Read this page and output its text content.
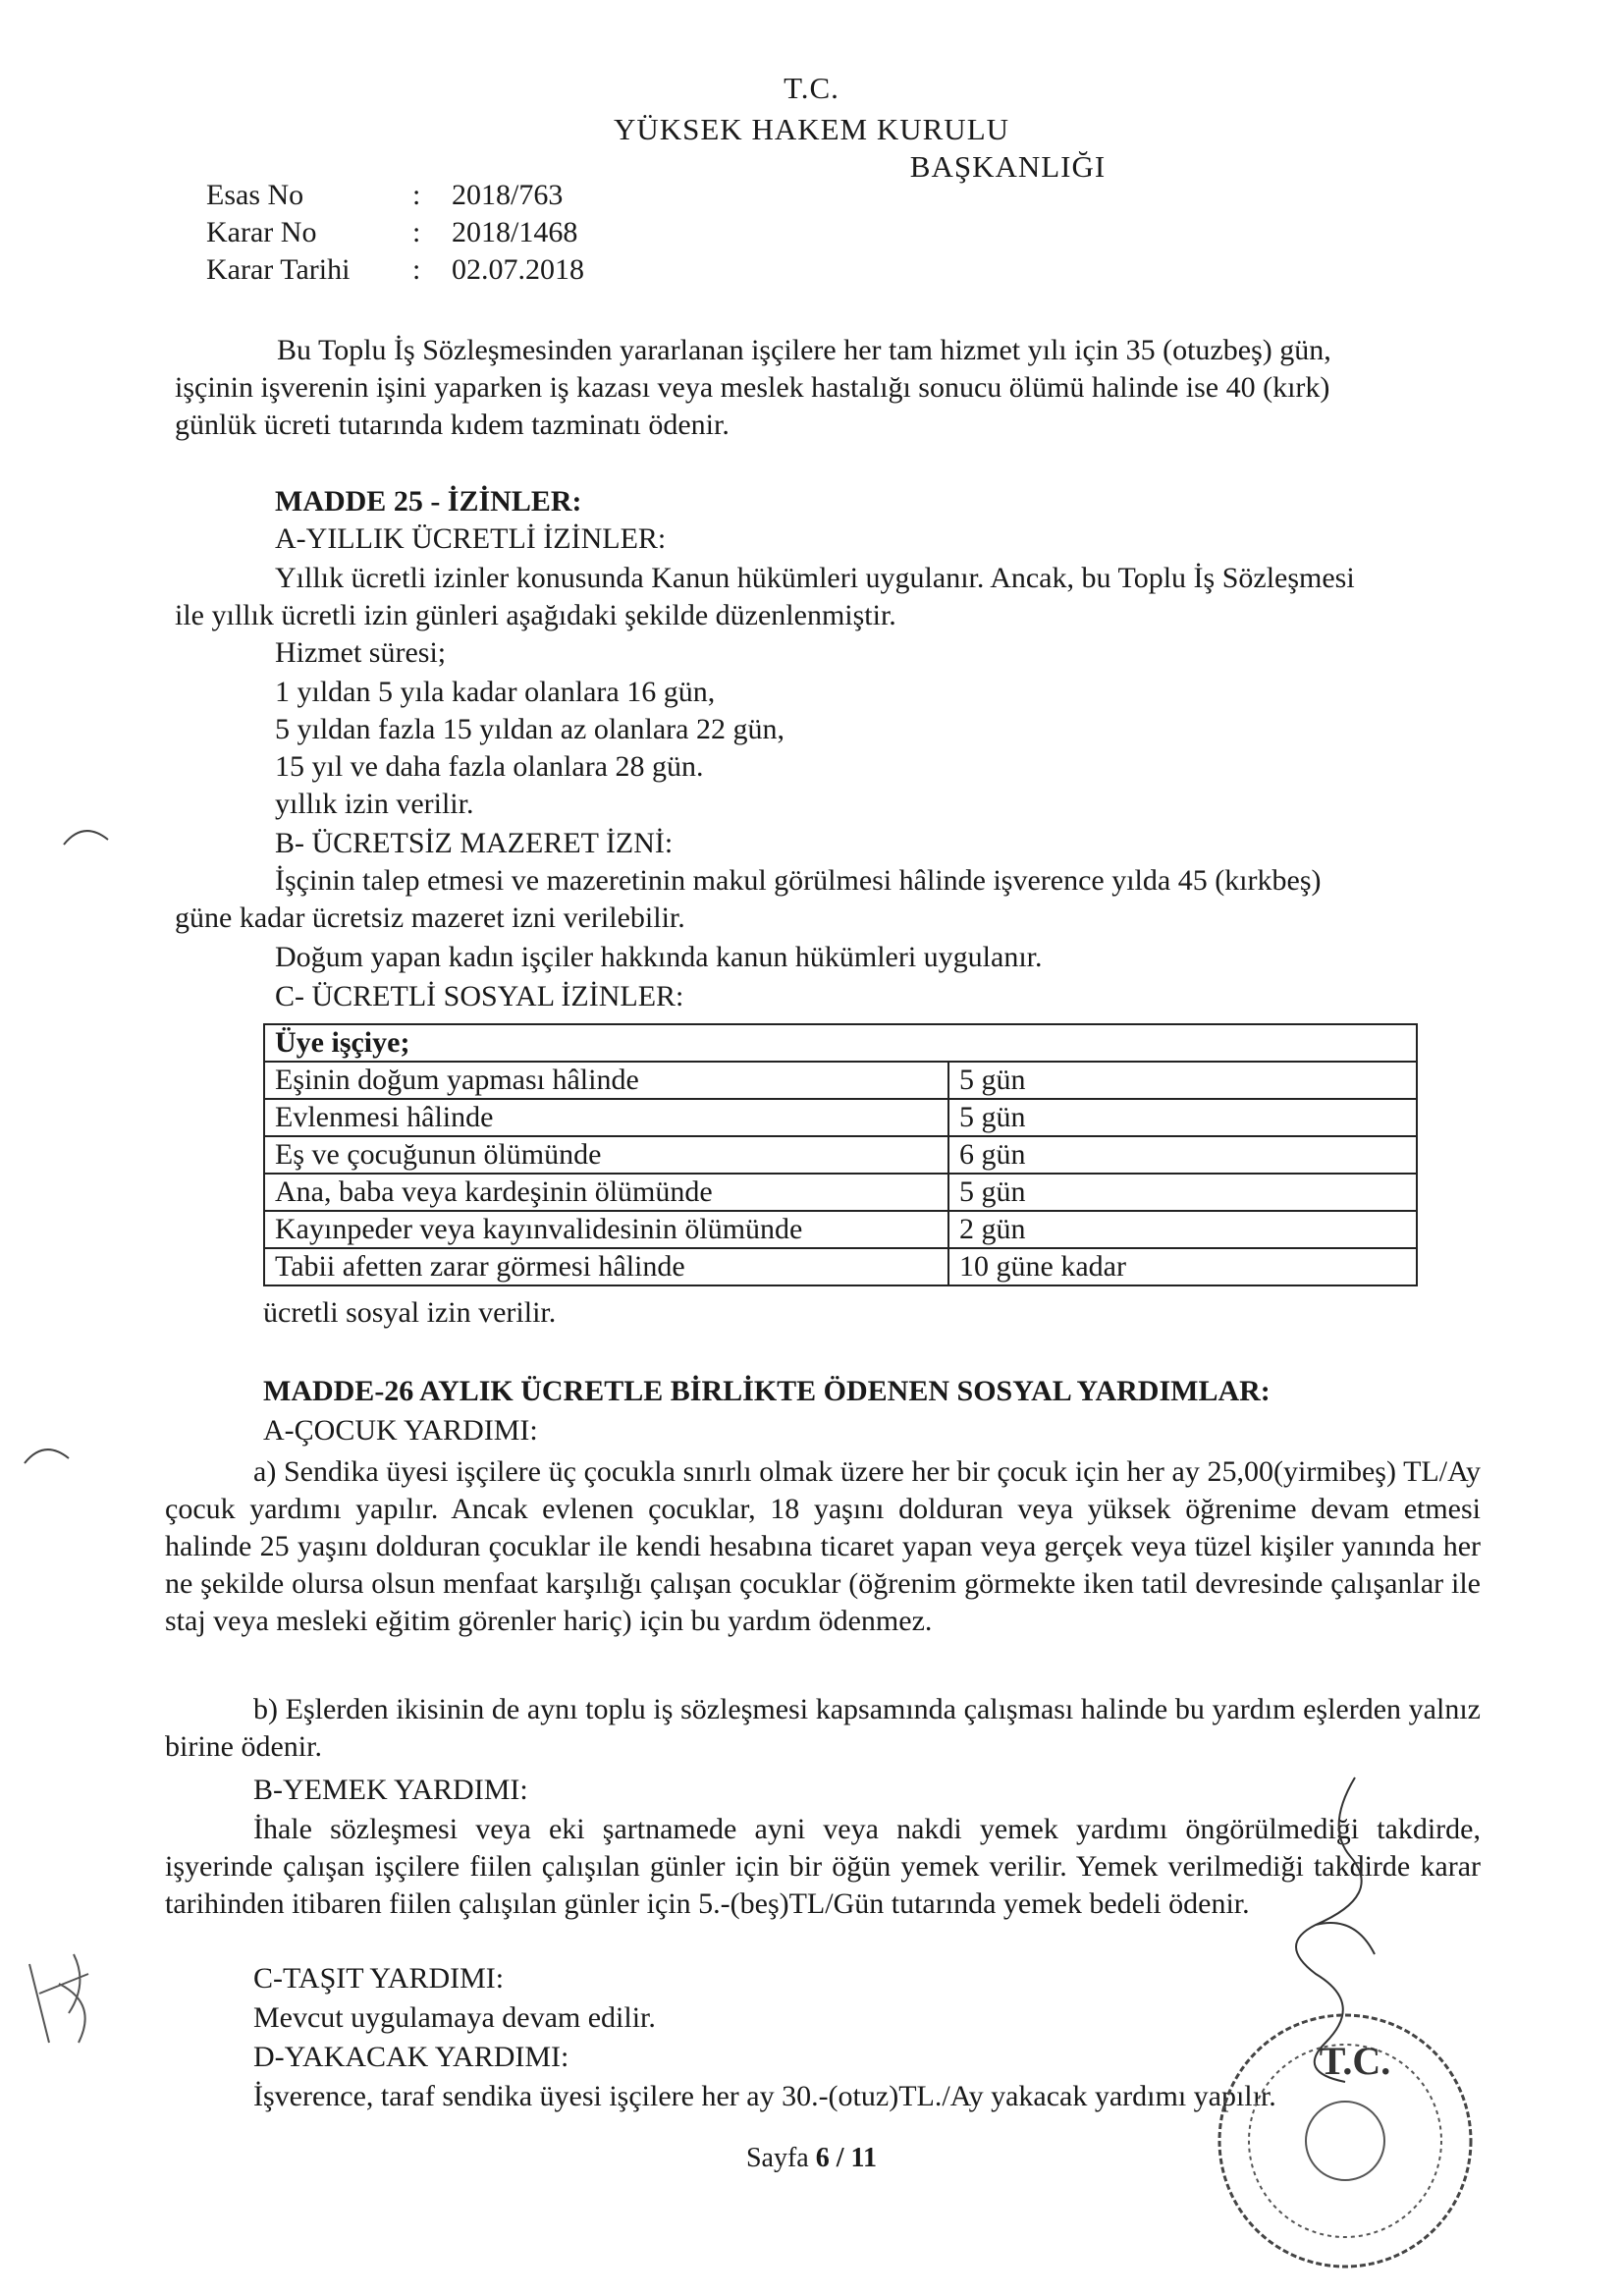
T.C.
YÜKSEK HAKEM KURULU
BAŞKANLIĞI
Esas No	: 2018/763
Karar No	: 2018/1468
Karar Tarihi : 02.07.2018
Bu Toplu İş Sözleşmesinden yararlanan işçilere her tam hizmet yılı için 35 (otuzbeş) gün,
işçinin işverenin işini yaparken iş kazası veya meslek hastalığı sonucu ölümü halinde ise 40 (kırk)
günlük ücreti tutarında kıdem tazminatı ödenir.
MADDE 25 - İZİNLER:
A-YILLIK ÜCRETLİ İZİNLER:
Yıllık ücretli izinler konusunda Kanun hükümleri uygulanır. Ancak, bu Toplu İş Sözleşmesi
ile yıllık ücretli izin günleri aşağıdaki şekilde düzenlenmiştir.
Hizmet süresi;
1 yıldan 5 yıla kadar olanlara 16 gün,
5 yıldan fazla 15 yıldan az olanlara 22 gün,
15 yıl ve daha fazla olanlara 28 gün.
yıllık izin verilir.
B- ÜCRETSİZ MAZERET İZNİ:
İşçinin talep etmesi ve mazeretinin makul görülmesi hâlinde işverence yılda 45 (kırkbeş)
güne kadar ücretsiz mazeret izni verilebilir.
Doğum yapan kadın işçiler hakkında kanun hükümleri uygulanır.
C- ÜCRETLİ SOSYAL İZİNLER:
Üye işçiye;	
Eşinin doğum yapması hâlinde	5 gün
Evlenmesi hâlinde	5 gün
Eş ve çocuğunun ölümünde	6 gün
Ana, baba veya kardeşinin ölümünde	5 gün
Kayınpeder veya kayınvalidesinin ölümünde	2 gün
Tabii afetten zarar görmesi hâlinde	10 güne kadar
ücretli sosyal izin verilir.
MADDE-26 AYLIK ÜCRETLE BİRLİKTE ÖDENEN SOSYAL YARDIMLAR:
A-ÇOCUK YARDIMI:
a) Sendika üyesi işçilere üç çocukla sınırlı olmak üzere her bir çocuk için her ay 25,00(yirmibeş) TL/Ay çocuk yardımı yapılır. Ancak evlenen çocuklar, 18 yaşını dolduran veya yüksek öğrenime devam etmesi halinde 25 yaşını dolduran çocuklar ile kendi hesabına ticaret yapan veya gerçek veya tüzel kişiler yanında her ne şekilde olursa olsun menfaat karşılığı çalışan çocuklar (öğrenim görmekte iken tatil devresinde çalışanlar ile staj veya mesleki eğitim görenler hariç) için bu yardım ödenmez.
b) Eşlerden ikisinin de aynı toplu iş sözleşmesi kapsamında çalışması halinde bu yardım eşlerden yalnız birine ödenir.
B-YEMEK YARDIMI:
İhale sözleşmesi veya eki şartnamede ayni veya nakdi yemek yardımı öngörülmediği takdirde, işyerinde çalışan işçilere fiilen çalışılan günler için bir öğün yemek verilir. Yemek verilmediği takdirde karar tarihinden itibaren fiilen çalışılan günler için 5.-(beş)TL/Gün tutarında yemek bedeli ödenir.
C-TAŞIT YARDIMI:
Mevcut uygulamaya devam edilir.
D-YAKACAK YARDIMI:
İşverence, taraf sendika üyesi işçilere her ay 30.-(otuz)TL./Ay yakacak yardımı yapılır.
Sayfa 6 / 11
T.C.
